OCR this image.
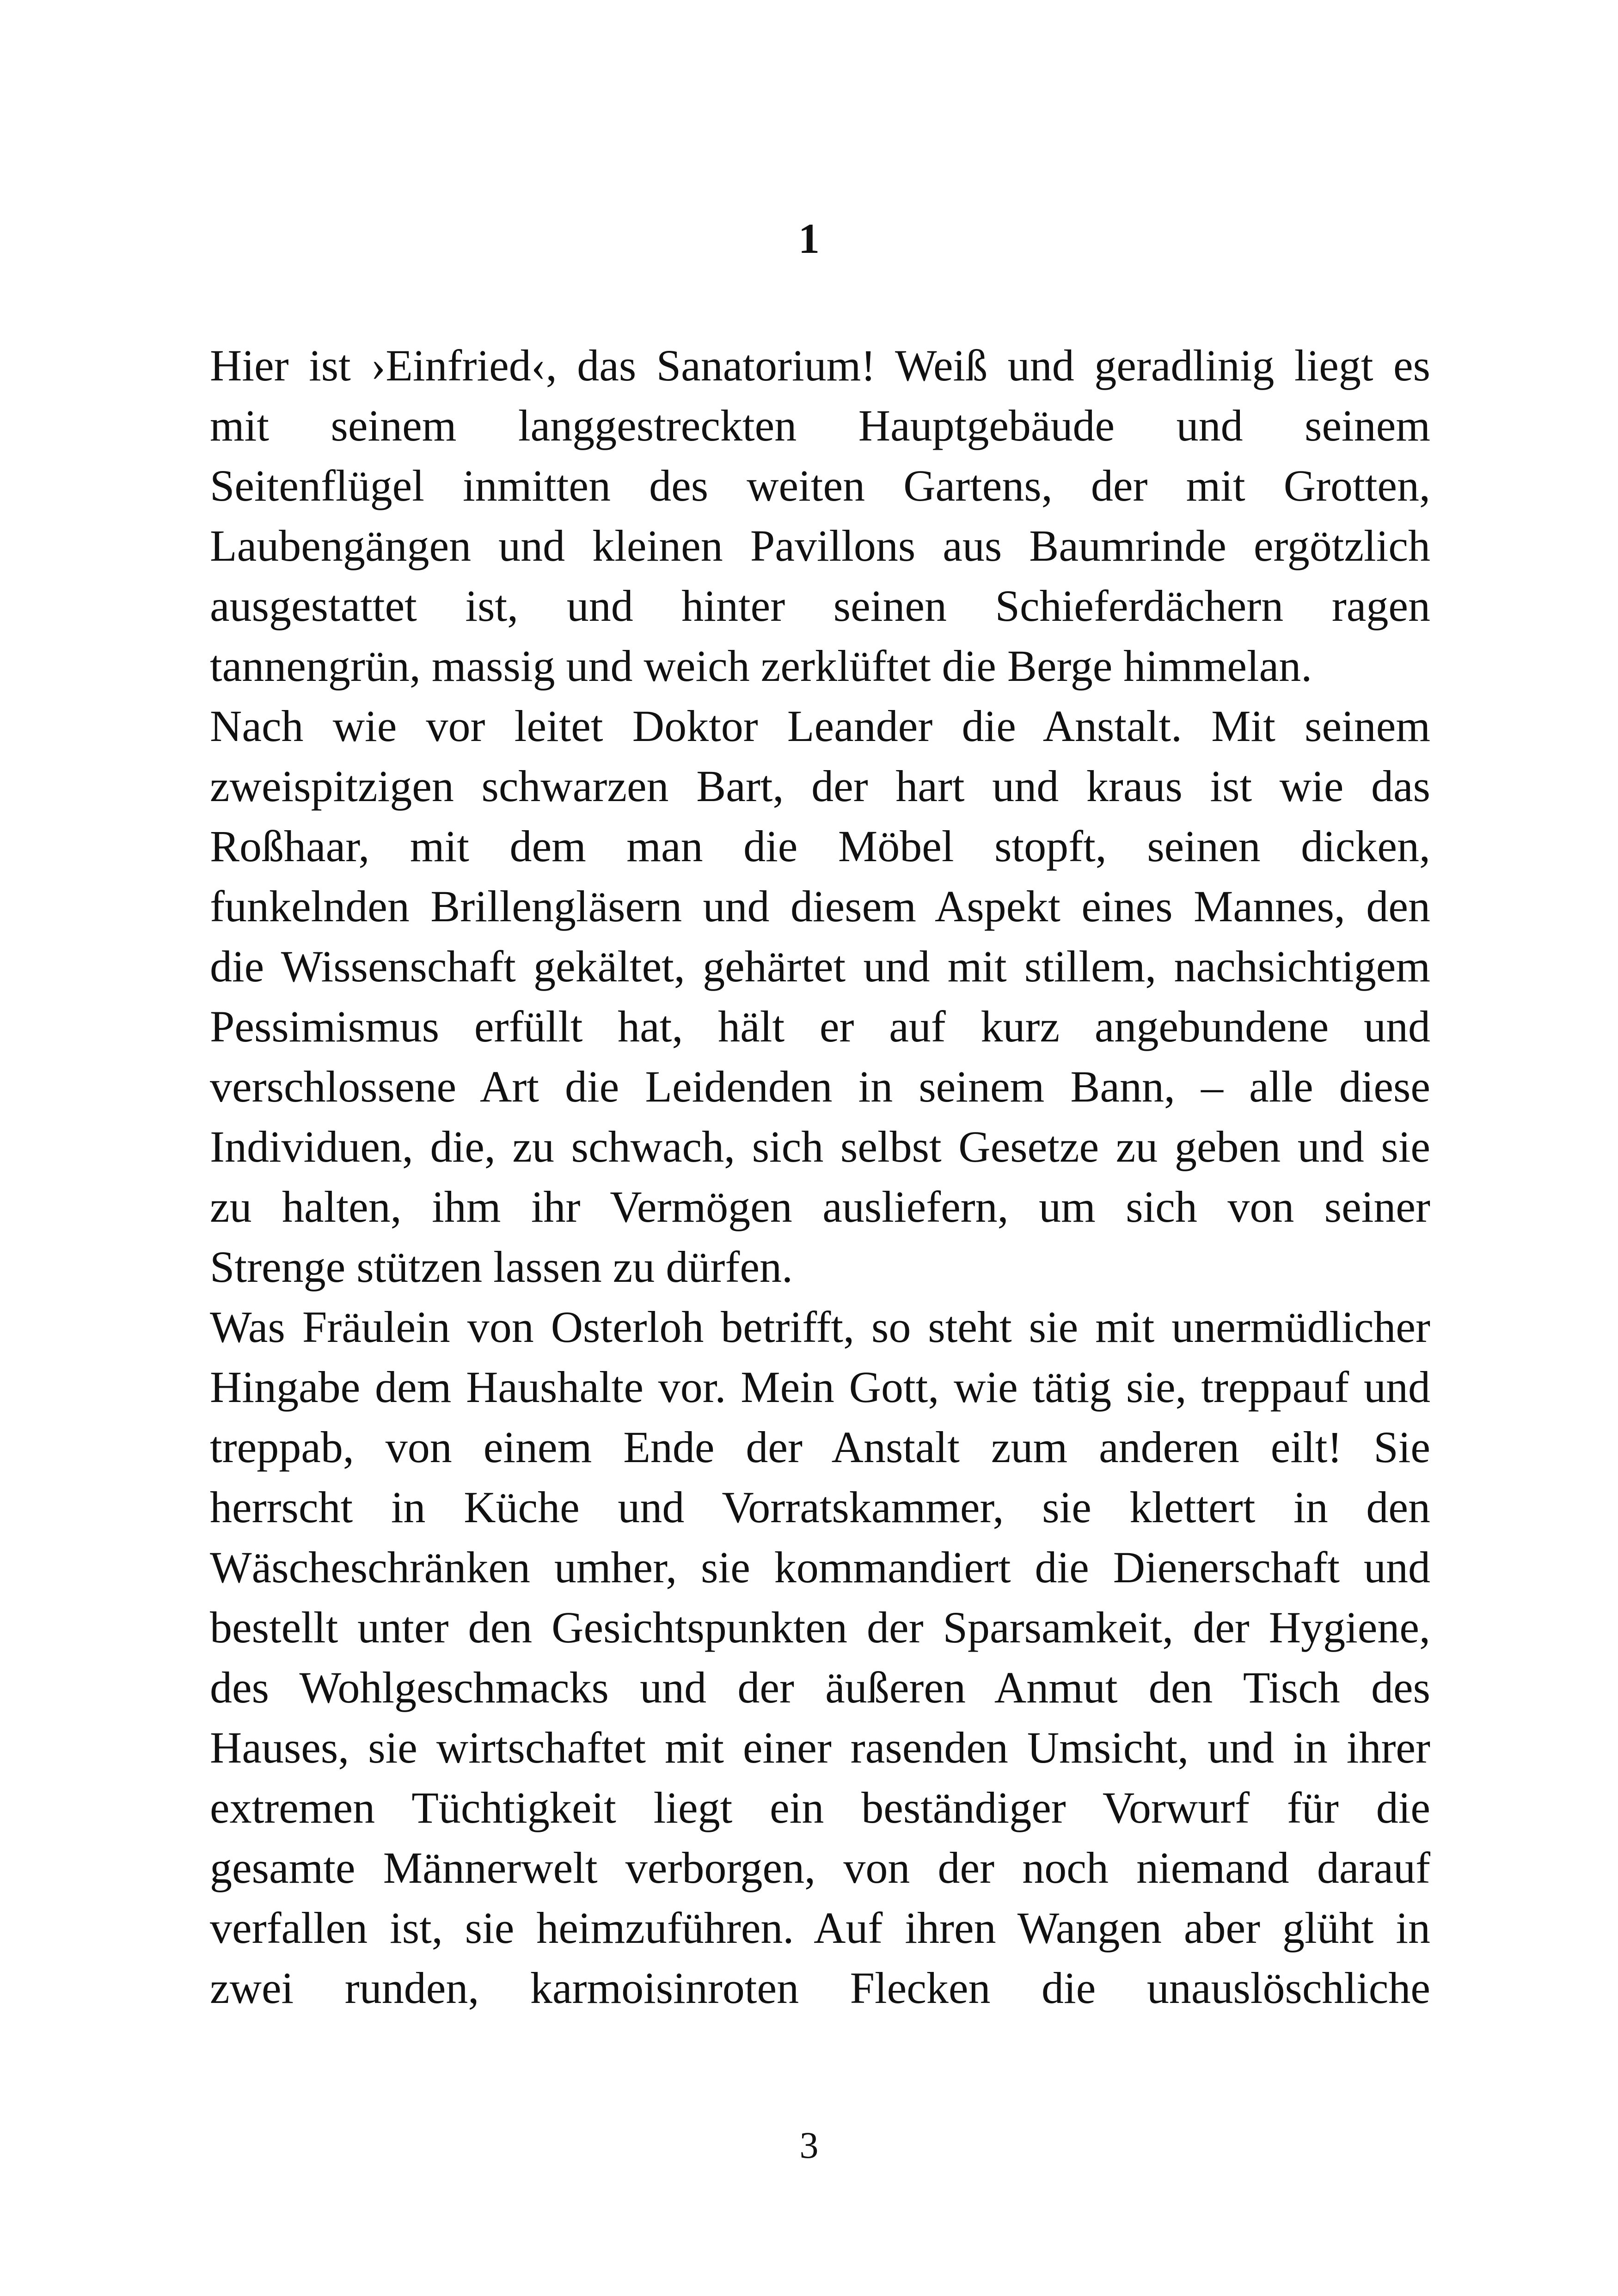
1
Hier ist ›Einfried‹, das Sanatorium! Weiß und geradlinig liegt es
mit seinem langgestreckten Hauptgebäude und seinem
Seitenflügel inmitten des weiten Gartens, der mit Grotten,
Laubengängen und kleinen Pavillons aus Baumrinde ergötzlich
ausgestattet ist, und hinter seinen Schieferdächern ragen
tannengrün, massig und weich zerklüftet die Berge himmelan.
Nach wie vor leitet Doktor Leander die Anstalt. Mit seinem
zweispitzigen schwarzen Bart, der hart und kraus ist wie das
Roßhaar, mit dem man die Möbel stopft, seinen dicken,
funkelnden Brillengläsern und diesem Aspekt eines Mannes, den
die Wissenschaft gekältet, gehärtet und mit stillem, nachsichtigem
Pessimismus erfüllt hat, hält er auf kurz angebundene und
verschlossene Art die Leidenden in seinem Bann, – alle diese
Individuen, die, zu schwach, sich selbst Gesetze zu geben und sie
zu halten, ihm ihr Vermögen ausliefern, um sich von seiner
Strenge stützen lassen zu dürfen.
Was Fräulein von Osterloh betrifft, so steht sie mit unermüdlicher
Hingabe dem Haushalte vor. Mein Gott, wie tätig sie, treppauf und
treppab, von einem Ende der Anstalt zum anderen eilt! Sie
herrscht in Küche und Vorratskammer, sie klettert in den
Wäscheschränken umher, sie kommandiert die Dienerschaft und
bestellt unter den Gesichtspunkten der Sparsamkeit, der Hygiene,
des Wohlgeschmacks und der äußeren Anmut den Tisch des
Hauses, sie wirtschaftet mit einer rasenden Umsicht, und in ihrer
extremen Tüchtigkeit liegt ein beständiger Vorwurf für die
gesamte Männerwelt verborgen, von der noch niemand darauf
verfallen ist, sie heimzuführen. Auf ihren Wangen aber glüht in
zwei runden, karmoisinroten Flecken die unauslöschliche
3
